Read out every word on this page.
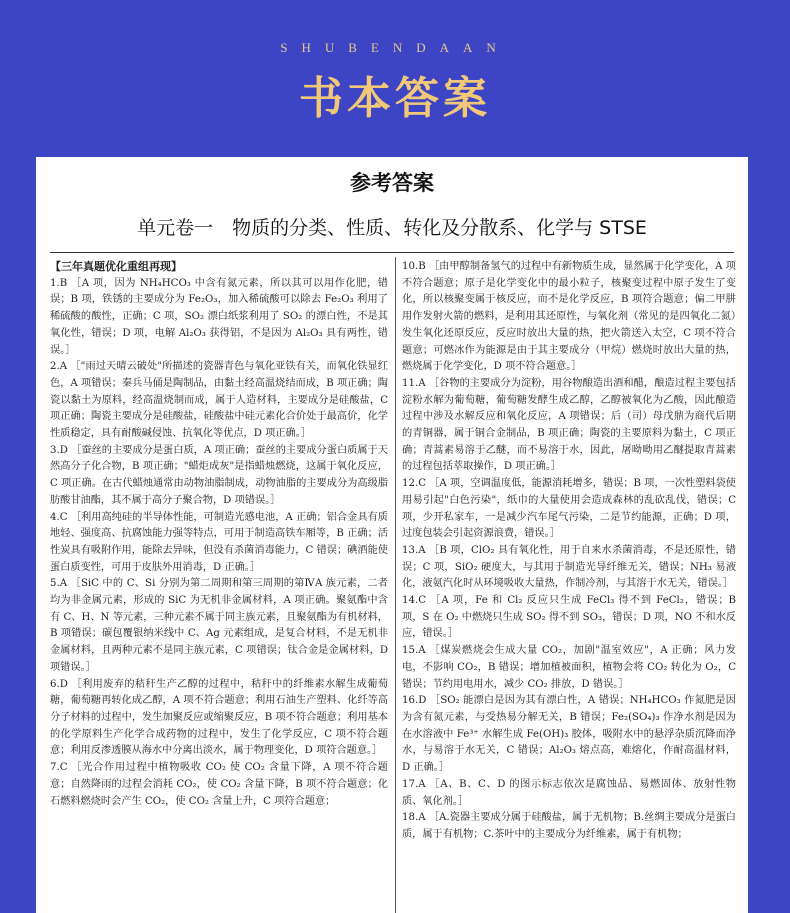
SHUBENDAAN
书本答案
参考答案
单元卷一　物质的分类、性质、转化及分散系、化学与 STSE
【三年真题优化重组再现】
1.B ［A 项，因为 NH₄HCO₃ 中含有氮元素，所以其可以用作化肥，错误；B 项，铁锈的主要成分为 Fe₂O₃，加入稀硫酸可以除去 Fe₂O₃ 利用了稀硫酸的酸性，正确；C 项，SO₂ 漂白纸浆利用了 SO₂ 的漂白性，不是其氧化性，错误；D 项，电解 Al₂O₃ 获得铝，不是因为 Al₂O₃ 具有两性，错误。］
2.A ［"雨过天晴云破处"所描述的瓷器青色与氧化亚铁有关，而氧化铁显红色，A 项错误；秦兵马俑是陶制品，由黏土经高温烧结而成，B 项正确；陶瓷以黏土为原料，经高温烧制而成，属于人造材料，主要成分是硅酸盐，C 项正确；陶瓷主要成分是硅酸盐，硅酸盐中硅元素化合价处于最高价，化学性质稳定，具有耐酸碱侵蚀、抗氧化等优点，D 项正确。］
3.D ［蚕丝的主要成分是蛋白质，A 项正确；蚕丝的主要成分蛋白质属于天然高分子化合物，B 项正确；"蜡炬成灰"是指蜡烛燃烧，这属于氧化反应，C 项正确。在古代蜡烛通常由动物油脂制成，动物油脂的主要成分为高级脂肪酸甘油酯，其不属于高分子聚合物，D 项错误。］
4.C ［利用高纯硅的半导体性能，可制造光感电池，A 正确；铝合金具有质地轻、强度高、抗腐蚀能力强等特点，可用于制造高铁车厢等，B 正确；活性炭具有吸附作用，能除去异味，但没有杀菌消毒能力，C 错误；碘酒能使蛋白质变性，可用于皮肤外用消毒，D 正确。］
5.A ［SiC 中的 C、Si 分别为第二周期和第三周期的第ⅣA 族元素，二者均为非金属元素，形成的 SiC 为无机非金属材料，A 项正确。聚氨酯中含有 C、H、N 等元素，三种元素不属于同主族元素，且聚氨酯为有机材料，B 项错误；碳包覆银纳米线中 C、Ag 元素组成，是复合材料，不是无机非金属材料，且两种元素不是同主族元素，C 项错误；钛合金是金属材料，D 项错误。］
6.D ［利用废弃的秸秆生产乙醇的过程中，秸秆中的纤维素水解生成葡萄糖，葡萄糖再转化成乙醇，A 项不符合题意；利用石油生产塑料、化纤等高分子材料的过程中，发生加聚反应或缩聚反应，B 项不符合题意；利用基本的化学原料生产化学合成药物的过程中，发生了化学反应，C 项不符合题意；利用反渗透膜从海水中分离出淡水，属于物理变化，D 项符合题意。］
7.C ［光合作用过程中植物吸收 CO₂ 使 CO₂ 含量下降，A 项不符合题意；自然降雨的过程会消耗 CO₂，使 CO₂ 含量下降，B 项不符合题意；化石燃料燃烧时会产生 CO₂，使 CO₂ 含量上升，C 项符合题意；
10.B ［由甲醇制备氢气的过程中有新物质生成，显然属于化学变化，A 项不符合题意；原子是化学变化中的最小粒子，核聚变过程中原子发生了变化，所以核聚变属于核反应，而不是化学反应，B 项符合题意；偏二甲肼用作发射火箭的燃料，是利用其还原性，与氧化剂（常见的是四氧化二氮）发生氧化还原反应，反应时放出大量的热，把火箭送入太空，C 项不符合题意；可燃冰作为能源是由于其主要成分（甲烷）燃烧时放出大量的热，燃烧属于化学变化，D 项不符合题意。］
11.A ［谷物的主要成分为淀粉，用谷物酿造出酒和醋，酿造过程主要包括淀粉水解为葡萄糖，葡萄糖发酵生成乙醇，乙醇被氧化为乙酸，因此酿造过程中涉及水解反应和氧化反应，A 项错误；后（司）母戊鼎为商代后期的青铜器，属于铜合金制品，B 项正确；陶瓷的主要原料为黏土，C 项正确；青蒿素易溶于乙醚，而不易溶于水，因此，屠呦呦用乙醚提取青蒿素的过程包括萃取操作，D 项正确。］
12.C ［A 项，空调温度低，能源消耗增多，错误；B 项，一次性塑料袋使用易引起"白色污染"，纸巾的大量使用会造成森林的乱砍乱伐，错误；C 项，少开私家车，一是减少汽车尾气污染，二是节约能源，正确；D 项，过度包装会引起资源浪费，错误。］
13.A ［B 项，ClO₂ 具有氧化性，用于自来水杀菌消毒，不是还原性，错误；C 项，SiO₂ 硬度大，与其用于制造光导纤维无关，错误；NH₃ 易液化，液氨汽化时从环境吸收大量热，作制冷剂，与其溶于水无关，错误。］
14.C ［A 项，Fe 和 Cl₂ 反应只生成 FeCl₃ 得不到 FeCl₂，错误；B 项，S 在 O₂ 中燃烧只生成 SO₂ 得不到 SO₃，错误；D 项，NO 不和水反应，错误。］
15.A ［煤炭燃烧会生成大量 CO₂，加剧"温室效应"，A 正确；风力发电，不影响 CO₂，B 错误；增加植被面积，植物会将 CO₂ 转化为 O₂，C 错误；节约用电用水，减少 CO₂ 排放，D 错误。］
16.D ［SO₂ 能漂白是因为其有漂白性，A 错误；NH₄HCO₃ 作氮肥是因为含有氮元素，与受热易分解无关，B 错误；Fe₂(SO₄)₃ 作净水剂是因为在水溶液中 Fe³⁺ 水解生成 Fe(OH)₃ 胶体，吸附水中的悬浮杂质沉降而净水，与易溶于水无关，C 错误；Al₂O₃ 熔点高，难熔化，作耐高温材料，D 正确。］
17.A ［A、B、C、D 的图示标志依次是腐蚀品、易燃固体、放射性物质、氧化剂。］
18.A ［A.瓷器主要成分属于硅酸盐，属于无机物；B.丝绸主要成分是蛋白质，属于有机物；C.茶叶中的主要成分为纤维素，属于有机物；
